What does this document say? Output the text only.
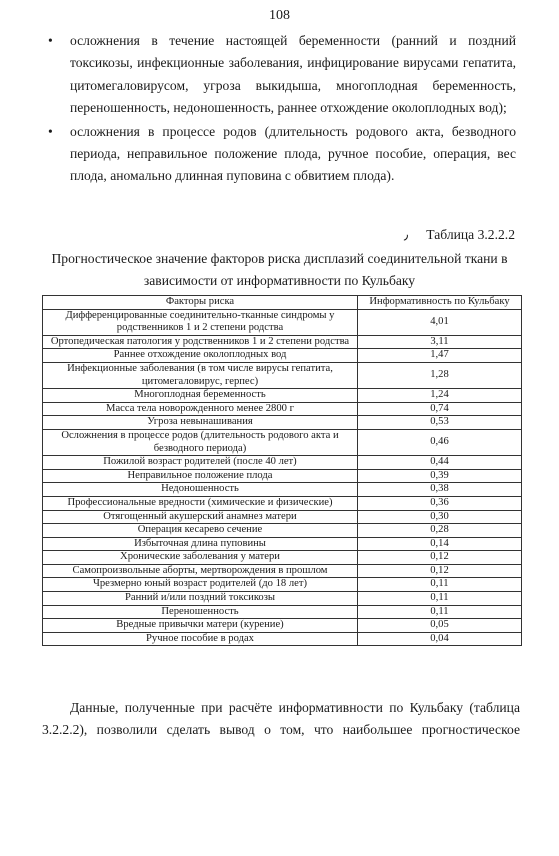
108
• осложнения в течение настоящей беременности (ранний и поздний токсикозы, инфекционные заболевания, инфицирование вирусами гепатита, цитомегаловирусом, угроза выкидыша, многоплодная беременность, переношенность, недоношенность, раннее отхождение околоплодных вод);
• осложнения в процессе родов (длительность родового акта, безводного периода, неправильное положение плода, ручное пособие, операция, вес плода, аномально длинная пуповина с обвитием плода).
٫ Таблица 3.2.2.2
Прогностическое значение факторов риска дисплазий соединительной ткани в зависимости от информативности по Кульбаку
Факторы риска	Информативность по Кульбаку
Дифференцированные соединительно-тканные синдромы у родственников 1 и 2 степени родства	4,01
Ортопедическая патология у родственников 1 и 2 степени родства	3,11
Раннее отхождение околоплодных вод	1,47
Инфекционные заболевания (в том числе вирусы гепатита, цитомегаловирус, герпес)	1,28
Многоплодная беременность	1,24
Масса тела новорожденного менее 2800 г	0,74
Угроза невынашивания	0,53
Осложнения в процессе родов (длительность родового акта и безводного периода)	0,46
Пожилой возраст родителей (после 40 лет)	0,44
Неправильное положение плода	0,39
Недоношенность	0,38
Профессиональные вредности (химические и физические)	0,36
Отягощенный акушерский анамнез матери	0,30
Операция кесарево сечение	0,28
Избыточная длина пуповины	0,14
Хронические заболевания у матери	0,12
Самопроизвольные аборты, мертворождения в прошлом	0,12
Чрезмерно юный возраст родителей (до 18 лет)	0,11
Ранний и/или поздний токсикозы	0,11
Переношенность	0,11
Вредные привычки матери (курение)	0,05
Ручное пособие в родах	0,04

Данные, полученные при расчёте информативности по Кульбаку (таблица 3.2.2.2), позволили сделать вывод о том, что наибольшее прогностическое
